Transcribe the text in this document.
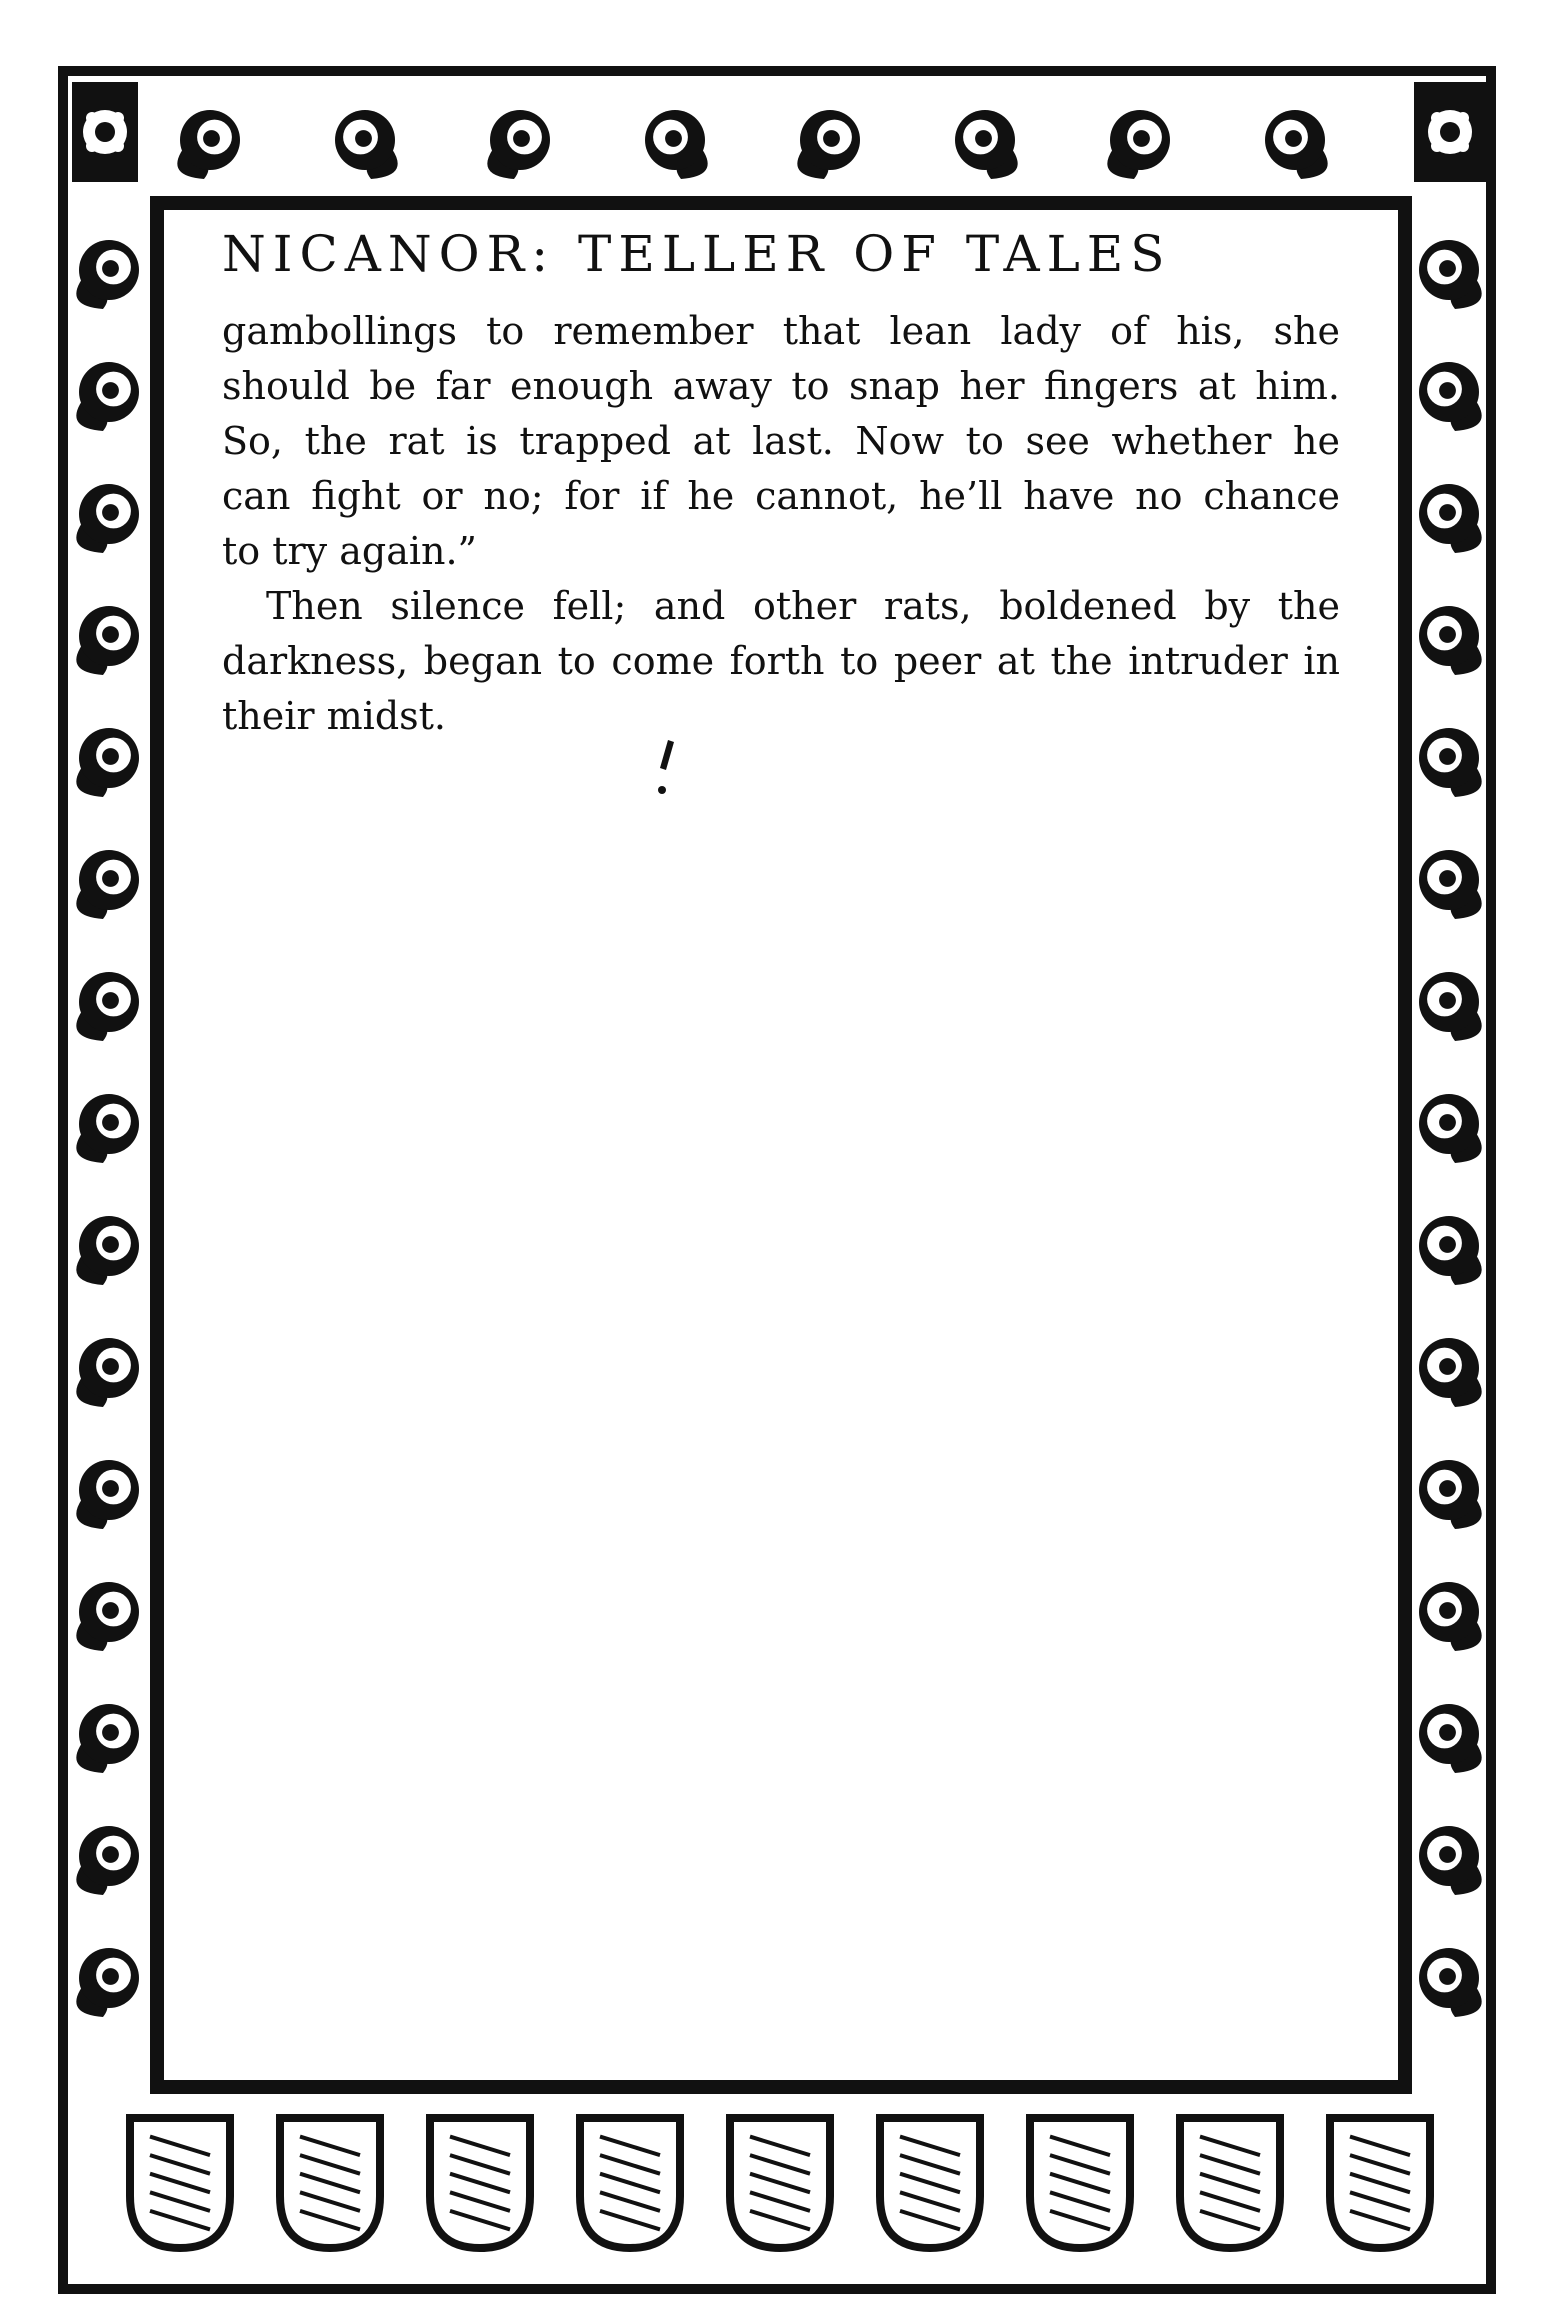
NICANOR: TELLER OF TALES

gambollings to remember that lean lady of his, she
should be far enough away to snap her fingers at him.
So, the rat is trapped at last. Now to see whether he
can fight or no; for if he cannot, he’ll have no chance
to try again.”

Then silence fell; and other rats, boldened by the
darkness, began to come forth to peer at the intruder in
their midst.
